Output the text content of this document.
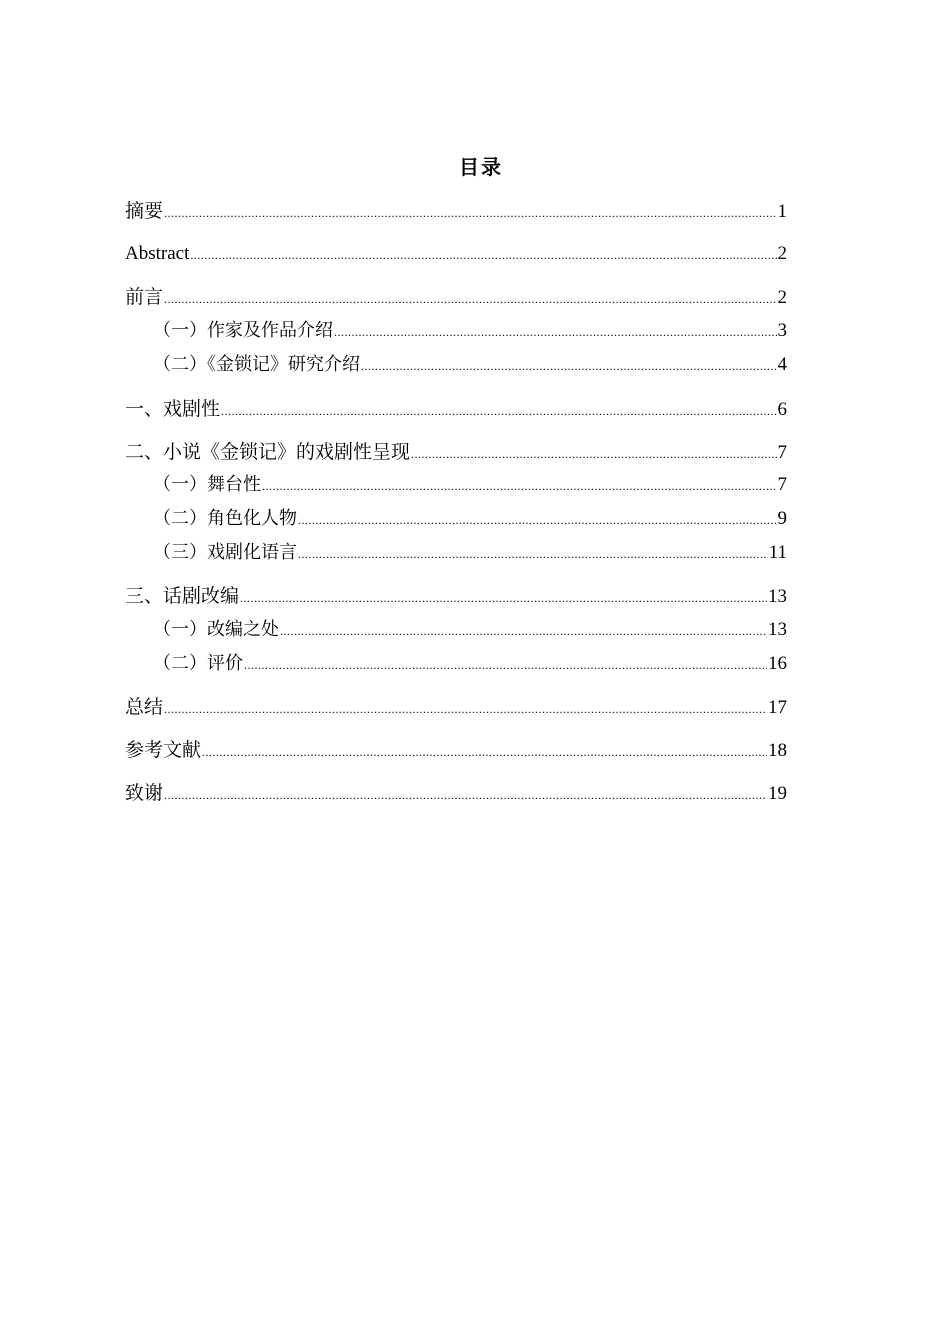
目录
摘要 .....	1
Abstract .....	2
前言 .....	2
（一）作家及作品介绍 .....	3
（二）《金锁记》研究介绍 .....	4
一、戏剧性 .....	6
二、小说《金锁记》的戏剧性呈现 .....	7
（一）舞台性 .....	7
（二）角色化人物 .....	9
（三）戏剧化语言 .....	11
三、话剧改编 .....	13
（一）改编之处 .....	13
（二）评价 .....	16
总结 .....	17
参考文献 .....	18
致谢 .....	19
